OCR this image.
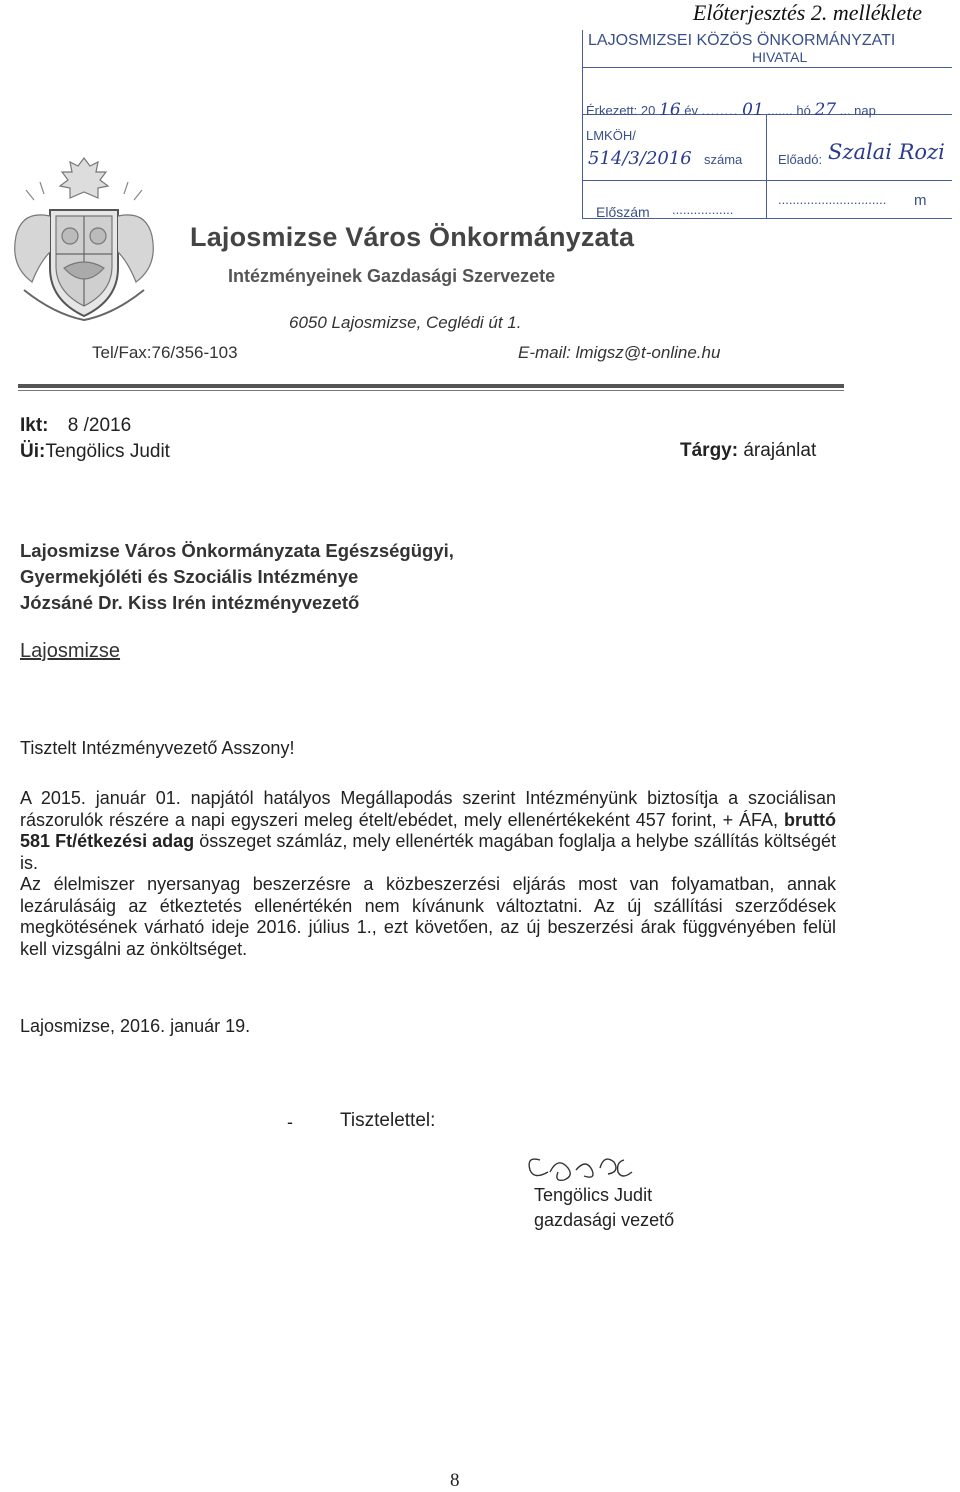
Előterjesztés 2. melléklete
LAJOSMIZSEI KÖZÖS ÖNKORMÁNYZATI
HIVATAL
Érkezett: 20 16 év ........ 01 ....... hó 27 ... nap
LMKÖH/
514/3/2016 száma	Előadó: Szalai Rozi
Előszám .................
.............................. m
Lajosmizse Város Önkormányzata
Intézményeinek Gazdasági Szervezete
6050 Lajosmizse, Ceglédi út 1.
Tel/Fax:76/356-103	E-mail: lmigsz@t-online.hu
Ikt: 8 /2016
Üi:Tengölics Judit	Tárgy: árajánlat
Lajosmizse Város Önkormányzata Egészségügyi,
Gyermekjóléti és Szociális Intézménye
Józsáné Dr. Kiss Irén intézményvezető
Lajosmizse
Tisztelt Intézményvezető Asszony!

A 2015. január 01. napjától hatályos Megállapodás szerint Intézményünk biztosítja a szociálisan rászorulók részére a napi egyszeri meleg ételt/ebédet, mely ellenértékeként 457 forint, + ÁFA, bruttó 581 Ft/étkezési adag összeget számláz, mely ellenérték magában foglalja a helybe szállítás költségét is.

Az élelmiszer nyersanyag beszerzésre a közbeszerzési eljárás most van folyamatban, annak lezárulásáig az étkeztetés ellenértékén nem kívánunk változtatni. Az új szállítási szerződések megkötésének várható ideje 2016. július 1., ezt követően, az új beszerzési árak függvényében felül kell vizsgálni az önköltséget.

Lajosmizse, 2016. január 19.
- Tisztelettel:
Tengölics Judit
gazdasági vezető
8
